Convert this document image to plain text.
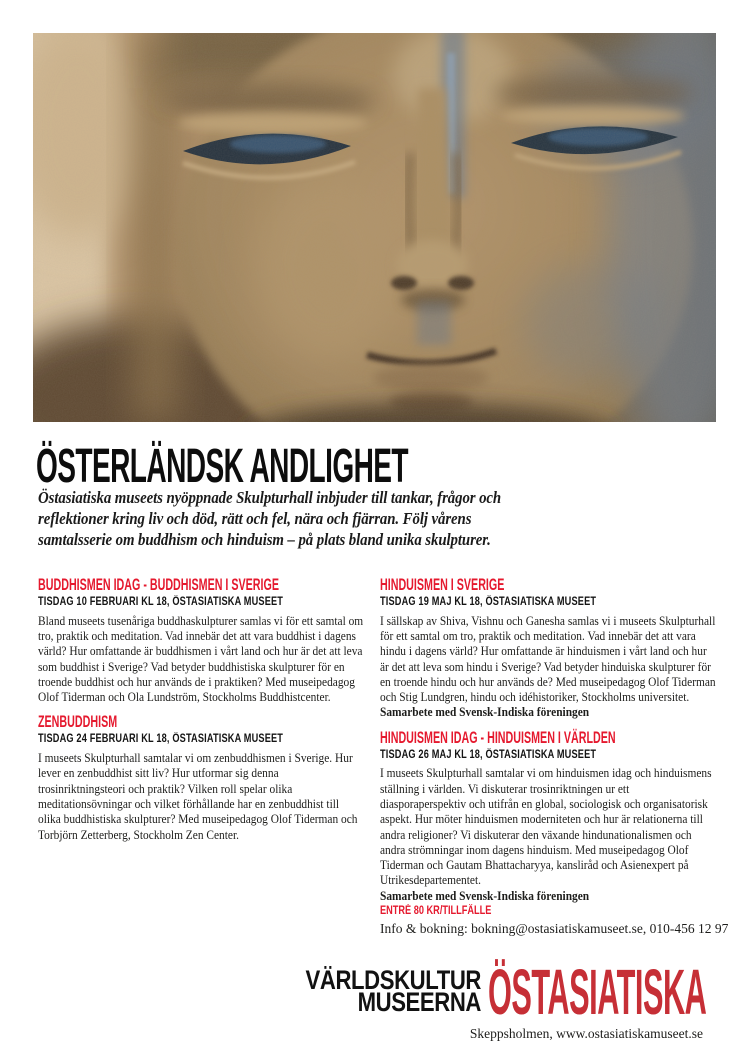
ÖSTERLÄNDSK ANDLIGHET

Östasiatiska museets nyöppnade Skulpturhall inbjuder till tankar, frågor och reflektioner kring liv och död, rätt och fel, nära och fjärran. Följ vårens samtalsserie om buddhism och hinduism – på plats bland unika skulpturer.

BUDDHISMEN IDAG - BUDDHISMEN I SVERIGE
TISDAG 10 FEBRUARI KL 18, ÖSTASIATISKA MUSEET

Bland museets tusenåriga buddhaskulpturer samlas vi för ett samtal om tro, praktik och meditation. Vad innebär det att vara buddhist i dagens värld? Hur omfattande är buddhismen i vårt land och hur är det att leva som buddhist i Sverige? Vad betyder buddhistiska skulpturer för en troende buddhist och hur används de i praktiken? Med museipedagog Olof Tiderman och Ola Lundström, Stockholms Buddhistcenter.

ZENBUDDHISM
TISDAG 24 FEBRUARI KL 18, ÖSTASIATISKA MUSEET

I museets Skulpturhall samtalar vi om zenbuddhismen i Sverige. Hur lever en zenbuddhist sitt liv? Hur utformar sig denna trosinriktningsteori och praktik? Vilken roll spelar olika meditationsövningar och vilket förhållande har en zenbuddhist till olika buddhistiska skulpturer? Med museipedagog Olof Tiderman och Torbjörn Zetterberg, Stockholm Zen Center.

HINDUISMEN I SVERIGE
TISDAG 19 MAJ KL 18, ÖSTASIATISKA MUSEET

I sällskap av Shiva, Vishnu och Ganesha samlas vi i museets Skulpturhall för ett samtal om tro, praktik och meditation. Vad innebär det att vara hindu i dagens värld? Hur omfattande är hinduismen i vårt land och hur är det att leva som hindu i Sverige? Vad betyder hinduiska skulpturer för en troende hindu och hur används de? Med museipedagog Olof Tiderman och Stig Lundgren, hindu och idéhistoriker, Stockholms universitet.

Samarbete med Svensk-Indiska föreningen

HINDUISMEN IDAG - HINDUISMEN I VÄRLDEN
TISDAG 26 MAJ KL 18, ÖSTASIATISKA MUSEET

I museets Skulpturhall samtalar vi om hinduismen idag och hinduismens ställning i världen. Vi diskuterar trosinriktningen ur ett diasporaperspektiv och utifrån en global, sociologisk och organisatorisk aspekt. Hur möter hinduismen moderniteten och hur är relationerna till andra religioner? Vi diskuterar den växande hindunationalismen och andra strömningar inom dagens hinduism. Med museipedagog Olof Tiderman och Gautam Bhattacharyya, kansliråd och Asienexpert på Utrikesdepartementet.

Samarbete med Svensk-Indiska föreningen

ENTRÉ 80 KR/TILLFÄLLE
Info & bokning: bokning@ostasiatiskamuseet.se, 010-456 12 97
VÄRLDSKULTUR
MUSEERNA ÖSTASIATISKA
Skeppsholmen, www.ostasiatiskamuseet.se
